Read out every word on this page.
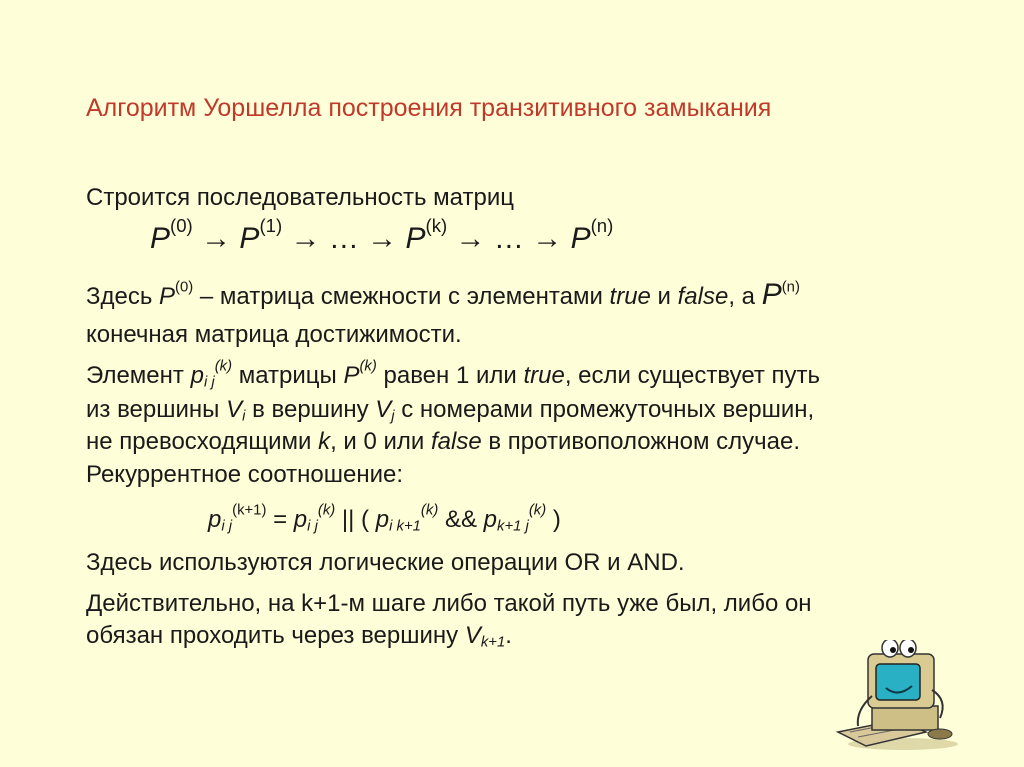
Алгоритм Уоршелла построения транзитивного замыкания
Строится последовательность матриц
$P^{(0)} \to P^{(1)}$ → … → $P^{(k)}$ → … → $P^{(n)}$
Здесь $P^{(0)}$ – матрица смежности с элементами true и false, а $P^{(n)}$
конечная матрица достижимости.
Элемент $p_{i j}^{(k)}$ матрицы $P^{(k)}$ равен 1 или true, если существует путь
из вершины $V_i$ в вершину $V_j$ с номерами промежуточных вершин,
не превосходящими k, и 0 или false в противоположном случае.
Рекуррентное соотношение:
$p_{i j}^{(k+1)} = p_{i j}^{(k)}$ || ( $p_{i k+1}^{(k)}$ && $p_{k+1 j}^{(k)}$ )
Здесь используются логические операции OR и AND.
Действительно, на k+1-м шаге либо такой путь уже был, либо он
обязан проходить через вершину $V_{k+1}$.
